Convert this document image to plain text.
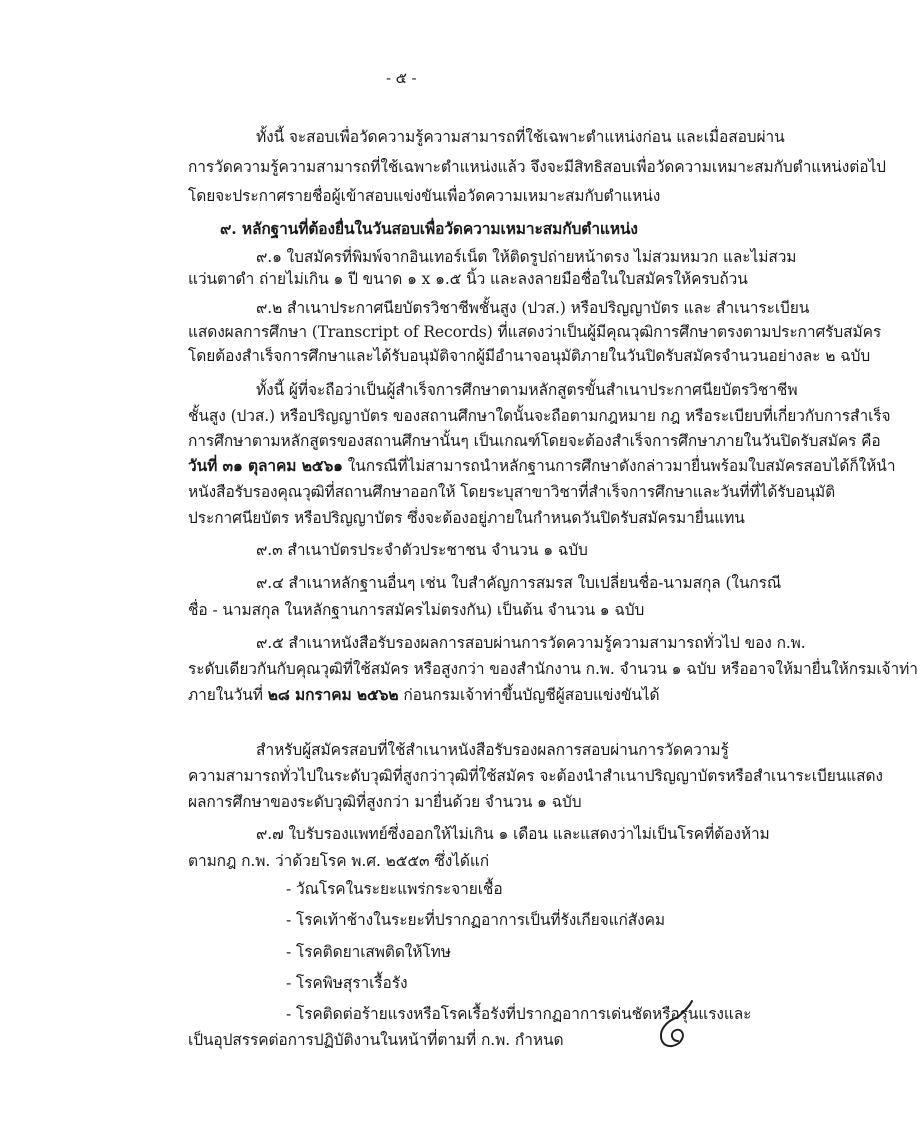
- ๕ -
ทั้งนี้ จะสอบเพื่อวัดความรู้ความสามารถที่ใช้เฉพาะตำแหน่งก่อน และเมื่อสอบผ่าน
การวัดความรู้ความสามารถที่ใช้เฉพาะตำแหน่งแล้ว จึงจะมีสิทธิสอบเพื่อวัดความเหมาะสมกับตำแหน่งต่อไป
โดยจะประกาศรายชื่อผู้เข้าสอบแข่งขันเพื่อวัดความเหมาะสมกับตำแหน่ง
๙. หลักฐานที่ต้องยื่นในวันสอบเพื่อวัดความเหมาะสมกับตำแหน่ง
๙.๑ ใบสมัครที่พิมพ์จากอินเทอร์เน็ต ให้ติดรูปถ่ายหน้าตรง ไม่สวมหมวก และไม่สวม
แว่นตาดำ ถ่ายไม่เกิน ๑ ปี ขนาด ๑ x ๑.๕ นิ้ว และลงลายมือชื่อในใบสมัครให้ครบถ้วน
๙.๒ สำเนาประกาศนียบัตรวิชาชีพชั้นสูง (ปวส.) หรือปริญญาบัตร และ สำเนาระเบียน
แสดงผลการศึกษา (Transcript of Records) ที่แสดงว่าเป็นผู้มีคุณวุฒิการศึกษาตรงตามประกาศรับสมัคร
โดยต้องสำเร็จการศึกษาและได้รับอนุมัติจากผู้มีอำนาจอนุมัติภายในวันปิดรับสมัครจำนวนอย่างละ ๒ ฉบับ
ทั้งนี้ ผู้ที่จะถือว่าเป็นผู้สำเร็จการศึกษาตามหลักสูตรขั้นสำเนาประกาศนียบัตรวิชาชีพ
ชั้นสูง (ปวส.) หรือปริญญาบัตร ของสถานศึกษาใดนั้นจะถือตามกฎหมาย กฎ หรือระเบียบที่เกี่ยวกับการสำเร็จ
การศึกษาตามหลักสูตรของสถานศึกษานั้นๆ เป็นเกณฑ์โดยจะต้องสำเร็จการศึกษาภายในวันปิดรับสมัคร คือ
วันที่ ๓๑ ตุลาคม ๒๕๖๑ ในกรณีที่ไม่สามารถนำหลักฐานการศึกษาดังกล่าวมายื่นพร้อมใบสมัครสอบได้ก็ให้นำ
หนังสือรับรองคุณวุฒิที่สถานศึกษาออกให้ โดยระบุสาขาวิชาที่สำเร็จการศึกษาและวันที่ที่ได้รับอนุมัติ
ประกาศนียบัตร หรือปริญญาบัตร ซึ่งจะต้องอยู่ภายในกำหนดวันปิดรับสมัครมายื่นแทน
๙.๓ สำเนาบัตรประจำตัวประชาชน จำนวน ๑ ฉบับ
๙.๔ สำเนาหลักฐานอื่นๆ เช่น ใบสำคัญการสมรส ใบเปลี่ยนชื่อ-นามสกุล (ในกรณี
ชื่อ - นามสกุล ในหลักฐานการสมัครไม่ตรงกัน) เป็นต้น จำนวน ๑ ฉบับ
๙.๕ สำเนาหนังสือรับรองผลการสอบผ่านการวัดความรู้ความสามารถทั่วไป ของ ก.พ.
ระดับเดียวกันกับคุณวุฒิที่ใช้สมัคร หรือสูงกว่า ของสำนักงาน ก.พ. จำนวน ๑ ฉบับ หรืออาจให้มายื่นให้กรมเจ้าท่า
ภายในวันที่ ๒๘ มกราคม ๒๕๖๒ ก่อนกรมเจ้าท่าขึ้นบัญชีผู้สอบแข่งขันได้
สำหรับผู้สมัครสอบที่ใช้สำเนาหนังสือรับรองผลการสอบผ่านการวัดความรู้
ความสามารถทั่วไปในระดับวุฒิที่สูงกว่าวุฒิที่ใช้สมัคร จะต้องนำสำเนาปริญญาบัตรหรือสำเนาระเบียนแสดง
ผลการศึกษาของระดับวุฒิที่สูงกว่า มายื่นด้วย จำนวน ๑ ฉบับ
๙.๗ ใบรับรองแพทย์ซึ่งออกให้ไม่เกิน ๑ เดือน และแสดงว่าไม่เป็นโรคที่ต้องห้าม
ตามกฎ ก.พ. ว่าด้วยโรค พ.ศ. ๒๕๕๓ ซึ่งได้แก่
- วัณโรคในระยะแพร่กระจายเชื้อ
- โรคเท้าช้างในระยะที่ปรากฏอาการเป็นที่รังเกียจแก่สังคม
- โรคติดยาเสพติดให้โทษ
- โรคพิษสุราเรื้อรัง
- โรคติดต่อร้ายแรงหรือโรคเรื้อรังที่ปรากฏอาการเด่นชัดหรือรุนแรงและ
เป็นอุปสรรคต่อการปฏิบัติงานในหน้าที่ตามที่ ก.พ. กำหนด
